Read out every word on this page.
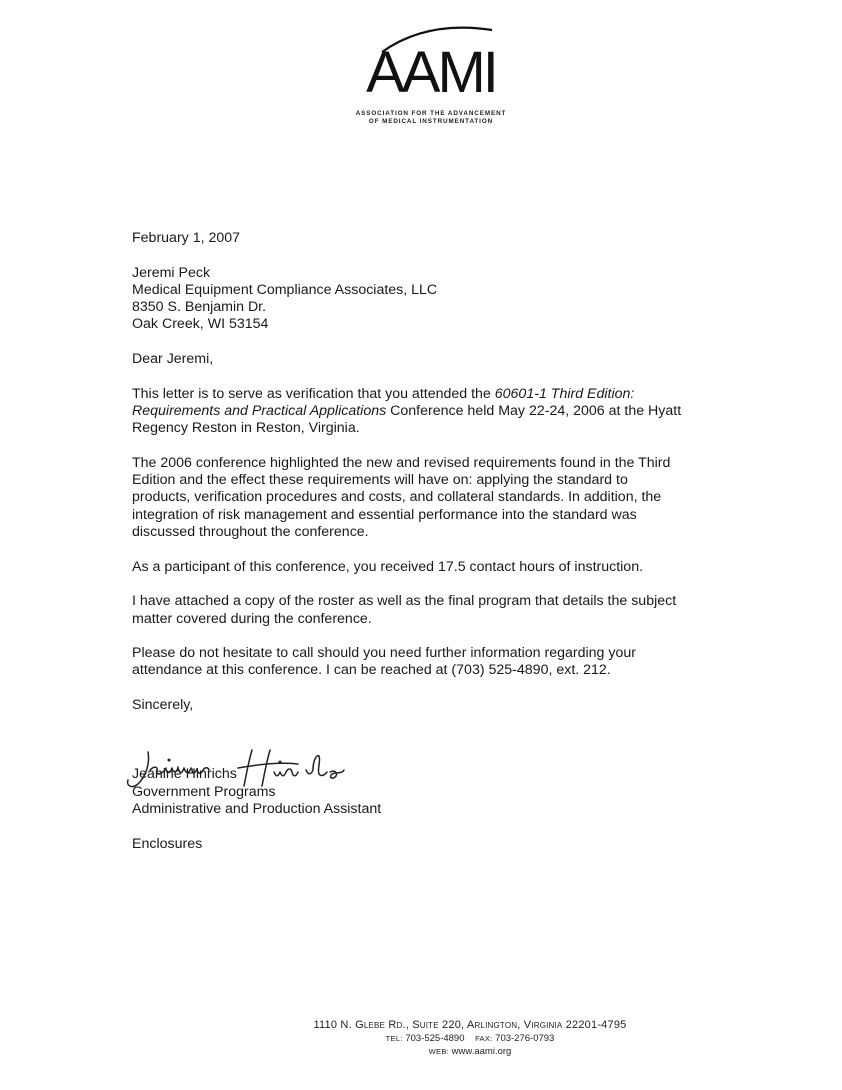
AAMI
ASSOCIATION FOR THE ADVANCEMENT
OF MEDICAL INSTRUMENTATION
February 1, 2007
Jeremi Peck
Medical Equipment Compliance Associates, LLC
8350 S. Benjamin Dr.
Oak Creek, WI 53154
Dear Jeremi,
This letter is to serve as verification that you attended the 60601-1 Third Edition:
Requirements and Practical Applications Conference held May 22-24, 2006 at the Hyatt
Regency Reston in Reston, Virginia.
The 2006 conference highlighted the new and revised requirements found in the Third
Edition and the effect these requirements will have on: applying the standard to
products, verification procedures and costs, and collateral standards. In addition, the
integration of risk management and essential performance into the standard was
discussed throughout the conference.
As a participant of this conference, you received 17.5 contact hours of instruction.
I have attached a copy of the roster as well as the final program that details the subject
matter covered during the conference.
Please do not hesitate to call should you need further information regarding your
attendance at this conference. I can be reached at (703) 525-4890, ext. 212.
Sincerely,
Jeanine Hinrichs
Government Programs
Administrative and Production Assistant
Enclosures
1110 N. Glebe Rd., Suite 220, Arlington, Virginia 22201-4795
TEL: 703-525-4890 FAX: 703-276-0793
WEB: www.aami.org
